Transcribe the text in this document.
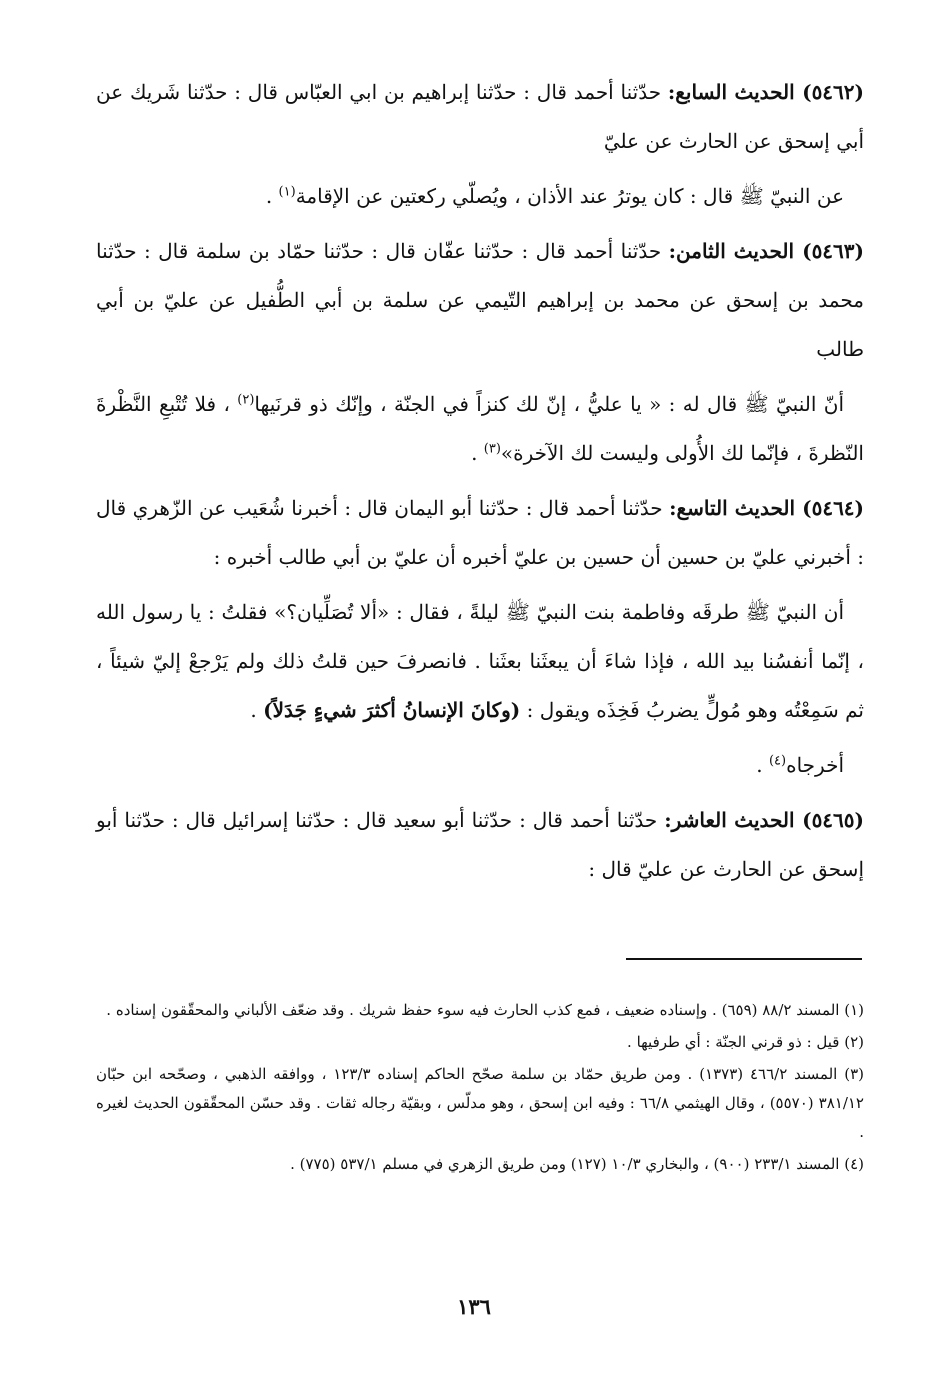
(٥٤٦٢) الحديث السابع: حدّثنا أحمد قال : حدّثنا إبراهيم بن ابي العبّاس قال : حدّثنا شَريك عن أبي إسحق عن الحارث عن عليّ

عن النبيّ ﷺ قال : كان يوترُ عند الأذان ، ويُصلّي ركعتين عن الإقامة$^{(١)}$ .

(٥٤٦٣) الحديث الثامن: حدّثنا أحمد قال : حدّثنا عفّان قال : حدّثنا حمّاد بن سلمة قال : حدّثنا محمد بن إسحق عن محمد بن إبراهيم التّيمي عن سلمة بن أبي الطُّفيل عن عليّ بن أبي طالب

أنّ النبيّ ﷺ قال له : « يا عليُّ ، إنّ لك كنزاً في الجنّة ، وإنّك ذو قرنَيها$^{(٢)}$ ، فلا تُتْبعِ النَّظْرةَ النّظرةَ ، فإنّما لك الأُولى وليست لك الآخرة»$^{(٣)}$ .

(٥٤٦٤) الحديث التاسع: حدّثنا أحمد قال : حدّثنا أبو اليمان قال : أخبرنا شُعَيب عن الزّهري قال : أخبرني عليّ بن حسين أن حسين بن عليّ أخبره أن عليّ بن أبي طالب أخبره :

أن النبيّ ﷺ طرقَه وفاطمة بنت النبيّ ﷺ ليلةً ، فقال : «ألا تُصَلِّيان؟» فقلتُ : يا رسول الله ، إنّما أنفسُنا بيد الله ، فإذا شاءَ أن يبعثَنا بعثَنا . فانصرفَ حين قلتُ ذلك ولم يَرْجعْ إليّ شيئاً ، ثم سَمِعْتُه وهو مُولٍّ يضربُ فَخِذَه ويقول : (وكانَ الإنسانُ أكثرَ شيءٍ جَدَلاً) .

أخرجاه$^{(٤)}$ .

(٥٤٦٥) الحديث العاشر: حدّثنا أحمد قال : حدّثنا أبو سعيد قال : حدّثنا إسرائيل قال : حدّثنا أبو إسحق عن الحارث عن عليّ قال :

(١) المسند ٨٨/٢ (٦٥٩) . وإسناده ضعيف ، فمع كذب الحارث فيه سوء حفظ شريك . وقد ضعّف الألباني والمحقّقون إسناده .

(٢) قيل : ذو قرني الجنّة : أي طرفيها .

(٣) المسند ٤٦٦/٢ (١٣٧٣) . ومن طريق حمّاد بن سلمة صحّح الحاكم إسناده ١٢٣/٣ ، ووافقه الذهبي ، وصحّحه ابن حبّان ٣٨١/١٢ (٥٥٧٠) ، وقال الهيثمي ٦٦/٨ : وفيه ابن إسحق ، وهو مدلّس ، وبقيّة رجاله ثقات . وقد حسّن المحقّقون الحديث لغيره .

(٤) المسند ٢٣٣/١ (٩٠٠) ، والبخاري ١٠/٣ (١٢٧) ومن طريق الزهري في مسلم ٥٣٧/١ (٧٧٥) .

١٣٦
